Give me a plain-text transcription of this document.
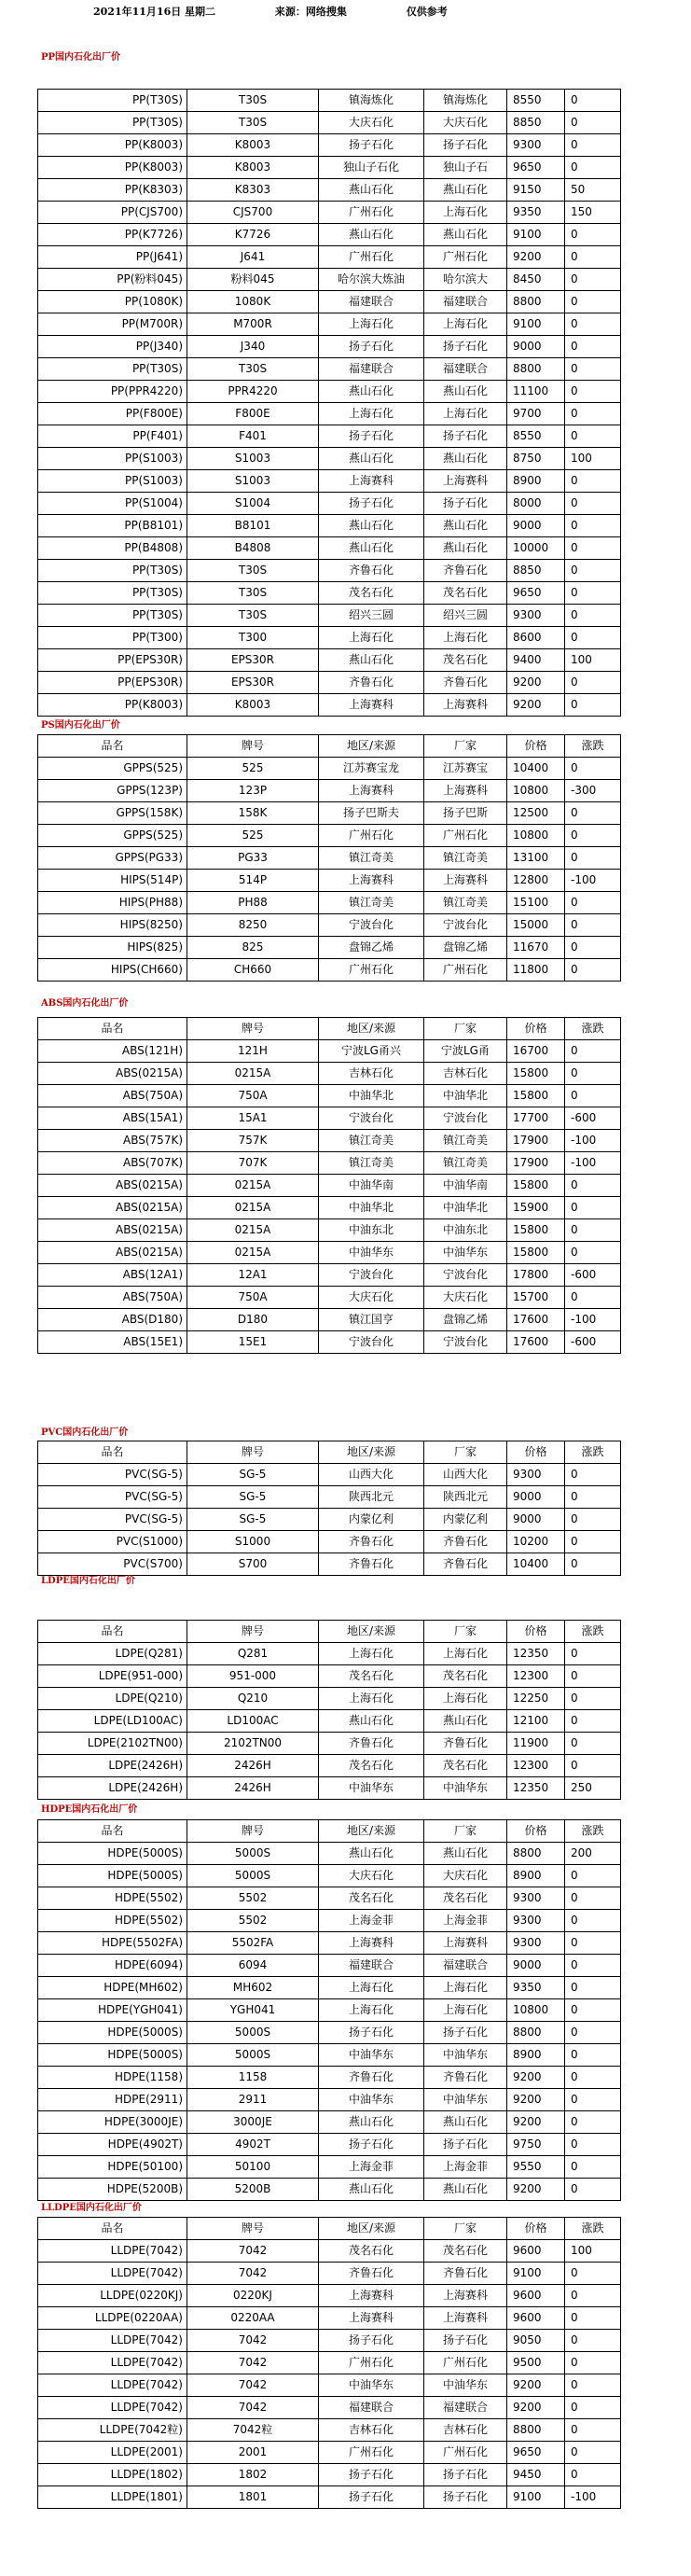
2021年11月16日 星期二	来源：网络搜集	仅供参考
PP国内石化出厂价
PP(T30S)	T30S	镇海炼化	镇海炼化	8550	0
PP(T30S)	T30S	大庆石化	大庆石化	8850	0
PP(K8003)	K8003	扬子石化	扬子石化	9300	0
PP(K8003)	K8003	独山子石化	独山子石	9650	0
PP(K8303)	K8303	燕山石化	燕山石化	9150	50
PP(CJS700)	CJS700	广州石化	上海石化	9350	150
PP(K7726)	K7726	燕山石化	燕山石化	9100	0
PP(J641)	J641	广州石化	广州石化	9200	0
PP(粉料045)	粉料045	哈尔滨大炼油	哈尔滨大	8450	0
PP(1080K)	1080K	福建联合	福建联合	8800	0
PP(M700R)	M700R	上海石化	上海石化	9100	0
PP(J340)	J340	扬子石化	扬子石化	9000	0
PP(T30S)	T30S	福建联合	福建联合	8800	0
PP(PPR4220)	PPR4220	燕山石化	燕山石化	11100	0
PP(F800E)	F800E	上海石化	上海石化	9700	0
PP(F401)	F401	扬子石化	扬子石化	8550	0
PP(S1003)	S1003	燕山石化	燕山石化	8750	100
PP(S1003)	S1003	上海赛科	上海赛科	8900	0
PP(S1004)	S1004	扬子石化	扬子石化	8000	0
PP(B8101)	B8101	燕山石化	燕山石化	9000	0
PP(B4808)	B4808	燕山石化	燕山石化	10000	0
PP(T30S)	T30S	齐鲁石化	齐鲁石化	8850	0
PP(T30S)	T30S	茂名石化	茂名石化	9650	0
PP(T30S)	T30S	绍兴三圆	绍兴三圆	9300	0
PP(T300)	T300	上海石化	上海石化	8600	0
PP(EPS30R)	EPS30R	燕山石化	茂名石化	9400	100
PP(EPS30R)	EPS30R	齐鲁石化	齐鲁石化	9200	0
PP(K8003)	K8003	上海赛科	上海赛科	9200	0
PS国内石化出厂价
品名	牌号	地区/来源	厂家	价格	涨跌
GPPS(525)	525	江苏赛宝龙	江苏赛宝	10400	0
GPPS(123P)	123P	上海赛科	上海赛科	10800	-300
GPPS(158K)	158K	扬子巴斯夫	扬子巴斯	12500	0
GPPS(525)	525	广州石化	广州石化	10800	0
GPPS(PG33)	PG33	镇江奇美	镇江奇美	13100	0
HIPS(514P)	514P	上海赛科	上海赛科	12800	-100
HIPS(PH88)	PH88	镇江奇美	镇江奇美	15100	0
HIPS(8250)	8250	宁波台化	宁波台化	15000	0
HIPS(825)	825	盘锦乙烯	盘锦乙烯	11670	0
HIPS(CH660)	CH660	广州石化	广州石化	11800	0
ABS国内石化出厂价
品名	牌号	地区/来源	厂家	价格	涨跌
ABS(121H)	121H	宁波LG甬兴	宁波LG甬	16700	0
ABS(0215A)	0215A	吉林石化	吉林石化	15800	0
ABS(750A)	750A	中油华北	中油华北	15800	0
ABS(15A1)	15A1	宁波台化	宁波台化	17700	-600
ABS(757K)	757K	镇江奇美	镇江奇美	17900	-100
ABS(707K)	707K	镇江奇美	镇江奇美	17900	-100
ABS(0215A)	0215A	中油华南	中油华南	15800	0
ABS(0215A)	0215A	中油华北	中油华北	15900	0
ABS(0215A)	0215A	中油东北	中油东北	15800	0
ABS(0215A)	0215A	中油华东	中油华东	15800	0
ABS(12A1)	12A1	宁波台化	宁波台化	17800	-600
ABS(750A)	750A	大庆石化	大庆石化	15700	0
ABS(D180)	D180	镇江国亨	盘锦乙烯	17600	-100
ABS(15E1)	15E1	宁波台化	宁波台化	17600	-600
PVC国内石化出厂价
品名	牌号	地区/来源	厂家	价格	涨跌
PVC(SG-5)	SG-5	山西大化	山西大化	9300	0
PVC(SG-5)	SG-5	陕西北元	陕西北元	9000	0
PVC(SG-5)	SG-5	内蒙亿利	内蒙亿利	9000	0
PVC(S1000)	S1000	齐鲁石化	齐鲁石化	10200	0
PVC(S700)	S700	齐鲁石化	齐鲁石化	10400	0
LDPE国内石化出厂价
品名	牌号	地区/来源	厂家	价格	涨跌
LDPE(Q281)	Q281	上海石化	上海石化	12350	0
LDPE(951-000)	951-000	茂名石化	茂名石化	12300	0
LDPE(Q210)	Q210	上海石化	上海石化	12250	0
LDPE(LD100AC)	LD100AC	燕山石化	燕山石化	12100	0
LDPE(2102TN00)	2102TN00	齐鲁石化	齐鲁石化	11900	0
LDPE(2426H)	2426H	茂名石化	茂名石化	12300	0
LDPE(2426H)	2426H	中油华东	中油华东	12350	250
HDPE国内石化出厂价
品名	牌号	地区/来源	厂家	价格	涨跌
HDPE(5000S)	5000S	燕山石化	燕山石化	8800	200
HDPE(5000S)	5000S	大庆石化	大庆石化	8900	0
HDPE(5502)	5502	茂名石化	茂名石化	9300	0
HDPE(5502)	5502	上海金菲	上海金菲	9300	0
HDPE(5502FA)	5502FA	上海赛科	上海赛科	9300	0
HDPE(6094)	6094	福建联合	福建联合	9000	0
HDPE(MH602)	MH602	上海石化	上海石化	9350	0
HDPE(YGH041)	YGH041	上海石化	上海石化	10800	0
HDPE(5000S)	5000S	扬子石化	扬子石化	8800	0
HDPE(5000S)	5000S	中油华东	中油华东	8900	0
HDPE(1158)	1158	齐鲁石化	齐鲁石化	9200	0
HDPE(2911)	2911	中油华东	中油华东	9200	0
HDPE(3000JE)	3000JE	燕山石化	燕山石化	9200	0
HDPE(4902T)	4902T	扬子石化	扬子石化	9750	0
HDPE(50100)	50100	上海金菲	上海金菲	9550	0
HDPE(5200B)	5200B	燕山石化	燕山石化	9200	0
LLDPE国内石化出厂价
品名	牌号	地区/来源	厂家	价格	涨跌
LLDPE(7042)	7042	茂名石化	茂名石化	9600	100
LLDPE(7042)	7042	齐鲁石化	齐鲁石化	9100	0
LLDPE(0220KJ)	0220KJ	上海赛科	上海赛科	9600	0
LLDPE(0220AA)	0220AA	上海赛科	上海赛科	9600	0
LLDPE(7042)	7042	扬子石化	扬子石化	9050	0
LLDPE(7042)	7042	广州石化	广州石化	9500	0
LLDPE(7042)	7042	中油华东	中油华东	9200	0
LLDPE(7042)	7042	福建联合	福建联合	9200	0
LLDPE(7042粒)	7042粒	吉林石化	吉林石化	8800	0
LLDPE(2001)	2001	广州石化	广州石化	9650	0
LLDPE(1802)	1802	扬子石化	扬子石化	9450	0
LLDPE(1801)	1801	扬子石化	扬子石化	9100	-100
